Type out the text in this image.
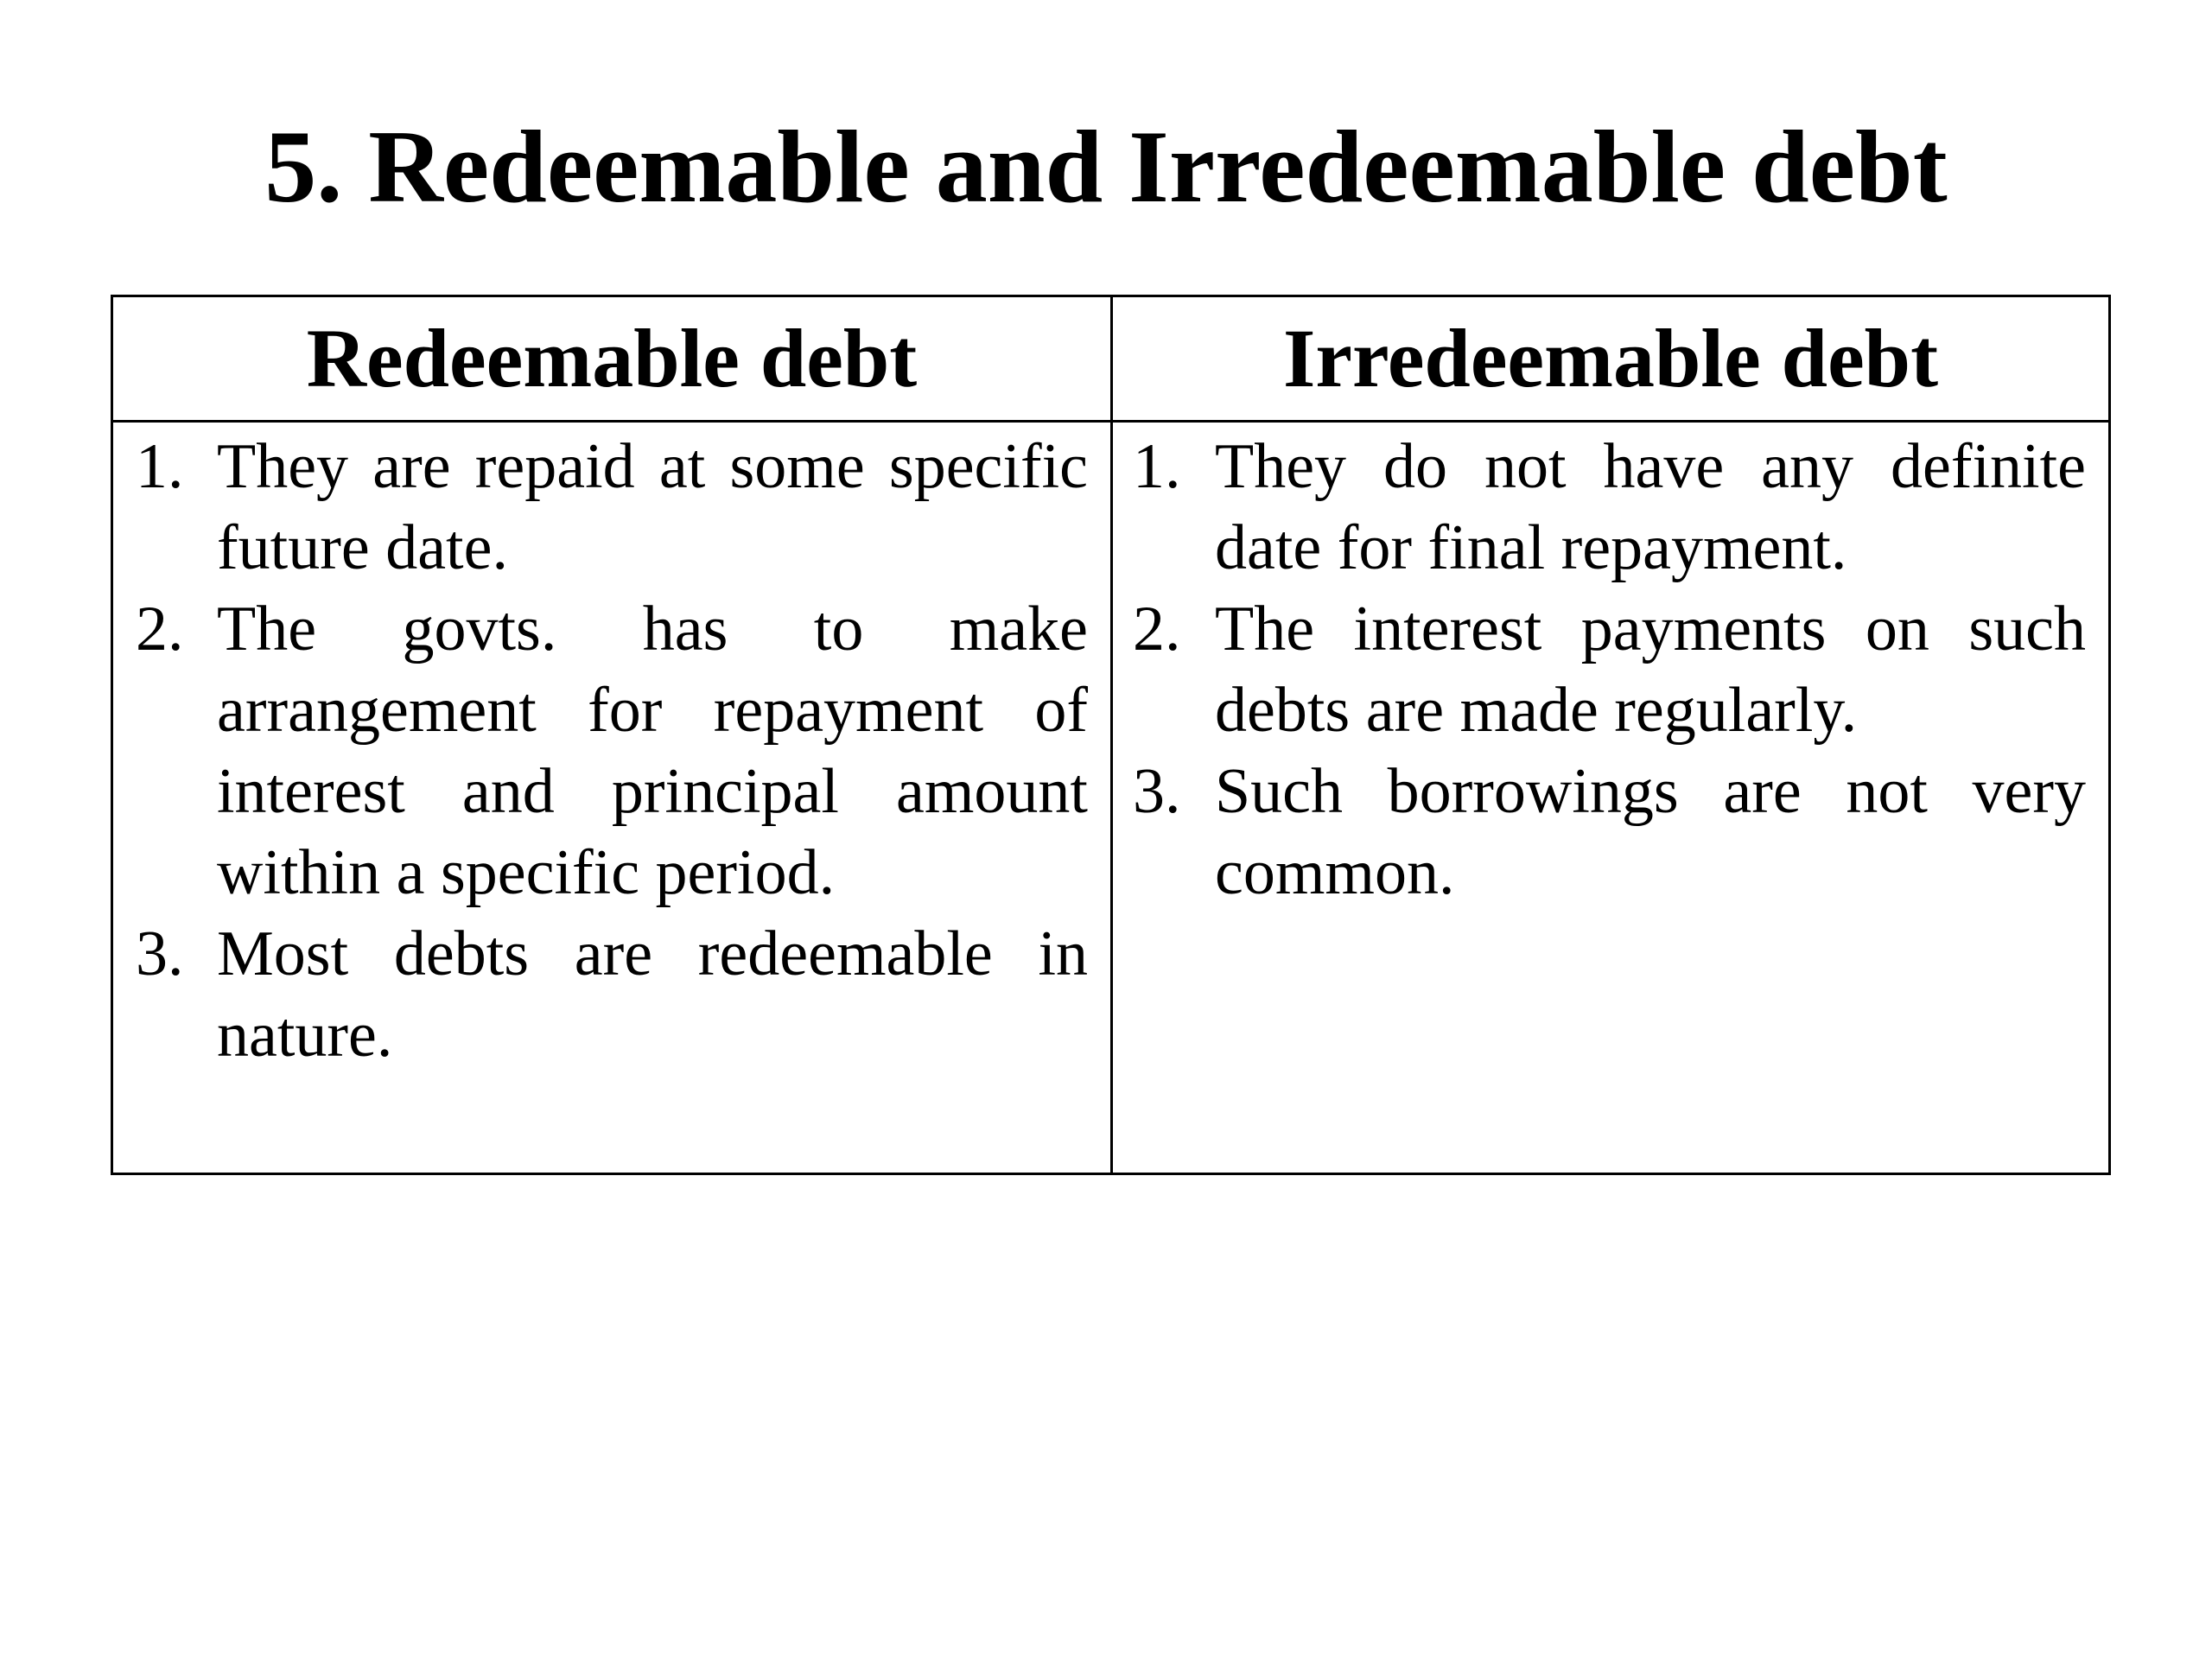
5. Redeemable and Irredeemable debt
Redeemable debt	Irredeemable debt
1. They are repaid at some specific future date.
2. The govts. has to make arrangement for repayment of interest and principal amount within a specific period.
3. Most debts are redeemable in nature.
1. They do not have any definite date for final repayment.
2. The interest payments on such debts are made regularly.
3. Such borrowings are not very common.
